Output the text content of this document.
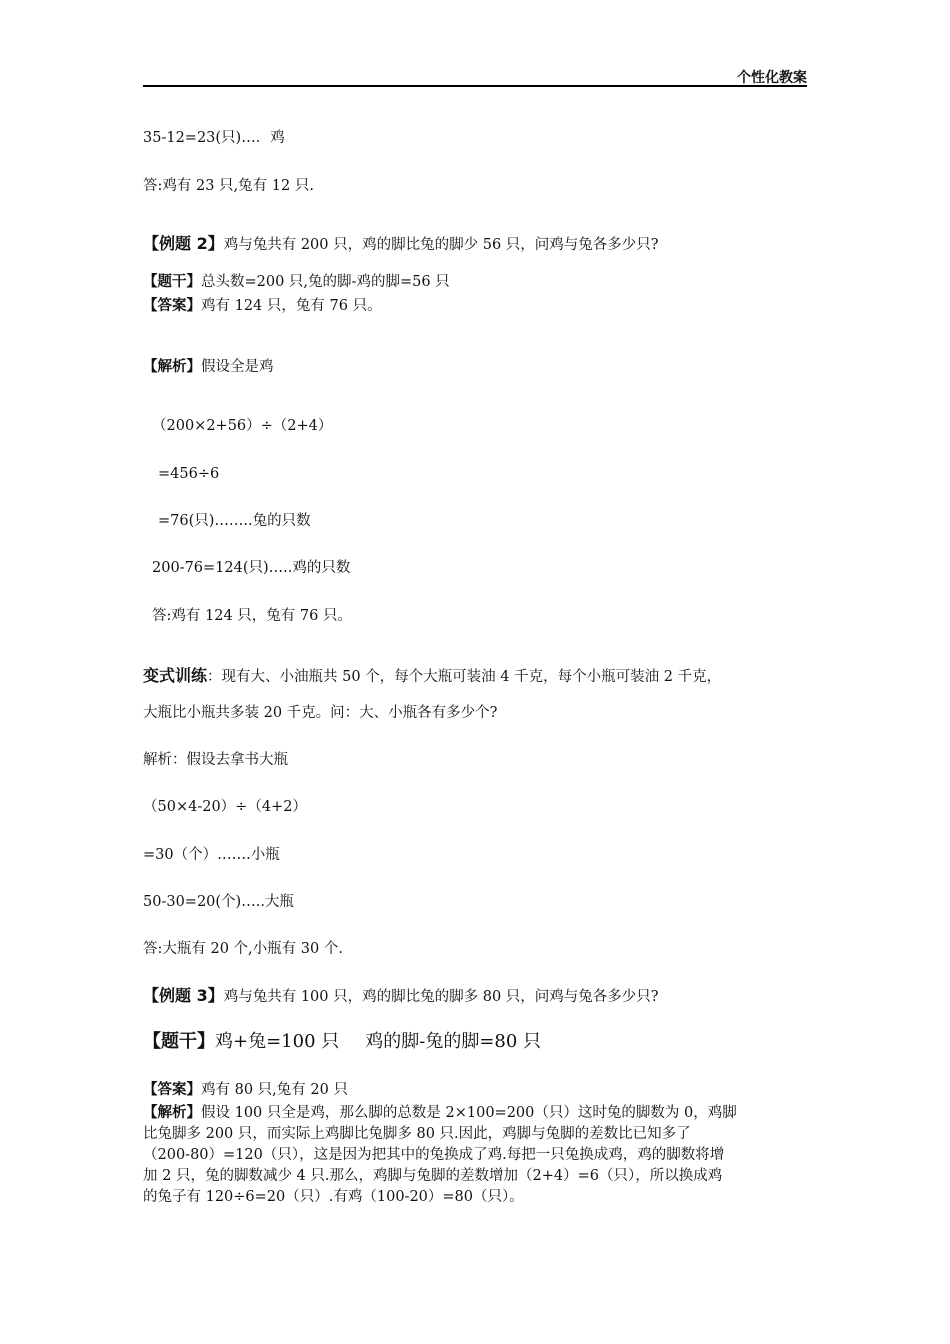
个性化教案
35-12=23(只)…．鸡
答:鸡有 23 只,兔有 12 只.
【例题 2】鸡与兔共有 200 只，鸡的脚比兔的脚少 56 只，问鸡与兔各多少只?
【题干】总头数=200 只,兔的脚-鸡的脚=56 只
【答案】鸡有 124 只，兔有 76 只。
【解析】假设全是鸡
（200×2+56）÷（2+4）
=456÷6
=76(只)……..兔的只数
200-76=124(只)…..鸡的只数
答:鸡有 124 只，兔有 76 只。
变式训练：现有大、小油瓶共 50 个，每个大瓶可装油 4 千克，每个小瓶可装油 2 千克，
大瓶比小瓶共多装 20 千克。问：大、小瓶各有多少个?
解析：假设去拿书大瓶
（50×4-20）÷（4+2）
=30（个）…….小瓶
50-30=20(个)…..大瓶
答:大瓶有 20 个,小瓶有 30 个.
【例题 3】鸡与兔共有 100 只，鸡的脚比兔的脚多 80 只，问鸡与兔各多少只?
【题干】鸡+兔=100 只 鸡的脚-兔的脚=80 只
【答案】鸡有 80 只,兔有 20 只
【解析】假设 100 只全是鸡，那么脚的总数是 2×100=200（只）这时兔的脚数为 0，鸡脚
比兔脚多 200 只，而实际上鸡脚比兔脚多 80 只.因此，鸡脚与兔脚的差数比已知多了
（200-80）=120（只），这是因为把其中的兔换成了鸡.每把一只兔换成鸡，鸡的脚数将增
加 2 只，兔的脚数减少 4 只.那么，鸡脚与兔脚的差数增加（2+4）=6（只），所以换成鸡
的兔子有 120÷6=20（只）.有鸡（100-20）=80（只）。
